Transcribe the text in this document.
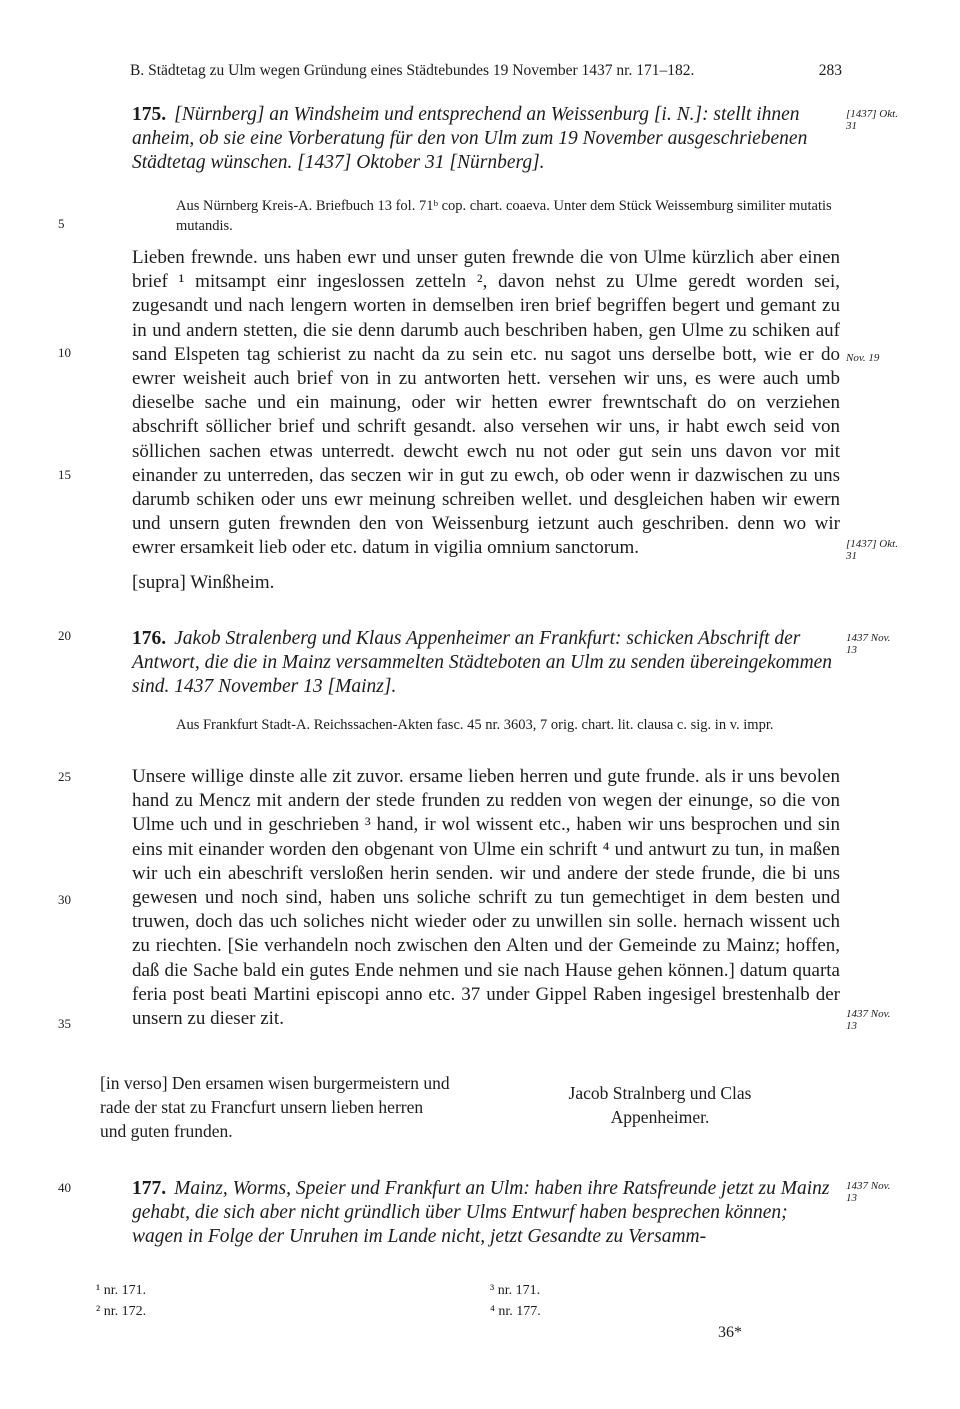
B. Städtetag zu Ulm wegen Gründung eines Städtebundes 19 November 1437 nr. 171–182.	283
5
10
15
20
25
30
35
40
175. [Nürnberg] an Windsheim und entsprechend an Weissenburg [i. N.]: stellt ihnen anheim, ob sie eine Vorberatung für den von Ulm zum 19 November ausgeschriebenen Städtetag wünschen. [1437] Oktober 31 [Nürnberg].
[1437] Okt. 31
Aus Nürnberg Kreis-A. Briefbuch 13 fol. 71ᵇ cop. chart. coaeva. Unter dem Stück Weissemburg similiter mutatis mutandis.
Lieben frewnde. uns haben ewr und unser guten frewnde die von Ulme kürzlich aber einen brief ¹ mitsampt einr ingeslossen zetteln ², davon nehst zu Ulme geredt worden sei, zugesandt und nach lengern worten in demselben iren brief begriffen begert und gemant zu in und andern stetten, die sie denn darumb auch beschriben haben, gen Ulme zu schiken auf sand Elspeten tag schierist zu nacht da zu sein etc. nu sagot uns derselbe bott, wie er do ewrer weisheit auch brief von in zu antworten hett. versehen wir uns, es were auch umb dieselbe sache und ein mainung, oder wir hetten ewrer frewntschaft do on verziehen abschrift söllicher brief und schrift gesandt. also versehen wir uns, ir habt ewch seid von söllichen sachen etwas unterredt. dewcht ewch nu not oder gut sein uns davon vor mit einander zu unterreden, das seczen wir in gut zu ewch, ob oder wenn ir dazwischen zu uns darumb schiken oder uns ewr meinung schreiben wellet. und desgleichen haben wir ewern und unsern guten frewnden den von Weissenburg ietzunt auch geschriben. denn wo wir ewrer ersamkeit lieb oder etc. datum in vigilia omnium sanctorum.
Nov. 19
[1437] Okt. 31
[supra] Winßheim.
176. Jakob Stralenberg und Klaus Appenheimer an Frankfurt: schicken Abschrift der Antwort, die die in Mainz versammelten Städteboten an Ulm zu senden übereingekommen sind. 1437 November 13 [Mainz].
1437 Nov. 13
Aus Frankfurt Stadt-A. Reichssachen-Akten fasc. 45 nr. 3603, 7 orig. chart. lit. clausa c. sig. in v. impr.
Unsere willige dinste alle zit zuvor. ersame lieben herren und gute frunde. als ir uns bevolen hand zu Mencz mit andern der stede frunden zu redden von wegen der einunge, so die von Ulme uch und in geschrieben ³ hand, ir wol wissent etc., haben wir uns besprochen und sin eins mit einander worden den obgenant von Ulme ein schrift ⁴ und antwurt zu tun, in maßen wir uch ein abeschrift versloßen herin senden. wir und andere der stede frunde, die bi uns gewesen und noch sind, haben uns soliche schrift zu tun gemechtiget in dem besten und truwen, doch das uch soliches nicht wieder oder zu unwillen sin solle. hernach wissent uch zu riechten. [Sie verhandeln noch zwischen den Alten und der Gemeinde zu Mainz; hoffen, daß die Sache bald ein gutes Ende nehmen und sie nach Hause gehen können.] datum quarta feria post beati Martini episcopi anno etc. 37 under Gippel Raben ingesigel brestenhalb der unsern zu dieser zit.	1437 Nov. 13
[in verso] Den ersamen wisen burgermeistern und rade der stat zu Francfurt unsern lieben herren und guten frunden.
Jacob Stralnberg und Clas Appenheimer.
177. Mainz, Worms, Speier und Frankfurt an Ulm: haben ihre Ratsfreunde jetzt zu Mainz gehabt, die sich aber nicht gründlich über Ulms Entwurf haben besprechen können; wagen in Folge der Unruhen im Lande nicht, jetzt Gesandte zu Versamm-
1437 Nov. 13
¹ nr. 171.
² nr. 172.
³ nr. 171.
⁴ nr. 177.
36*
